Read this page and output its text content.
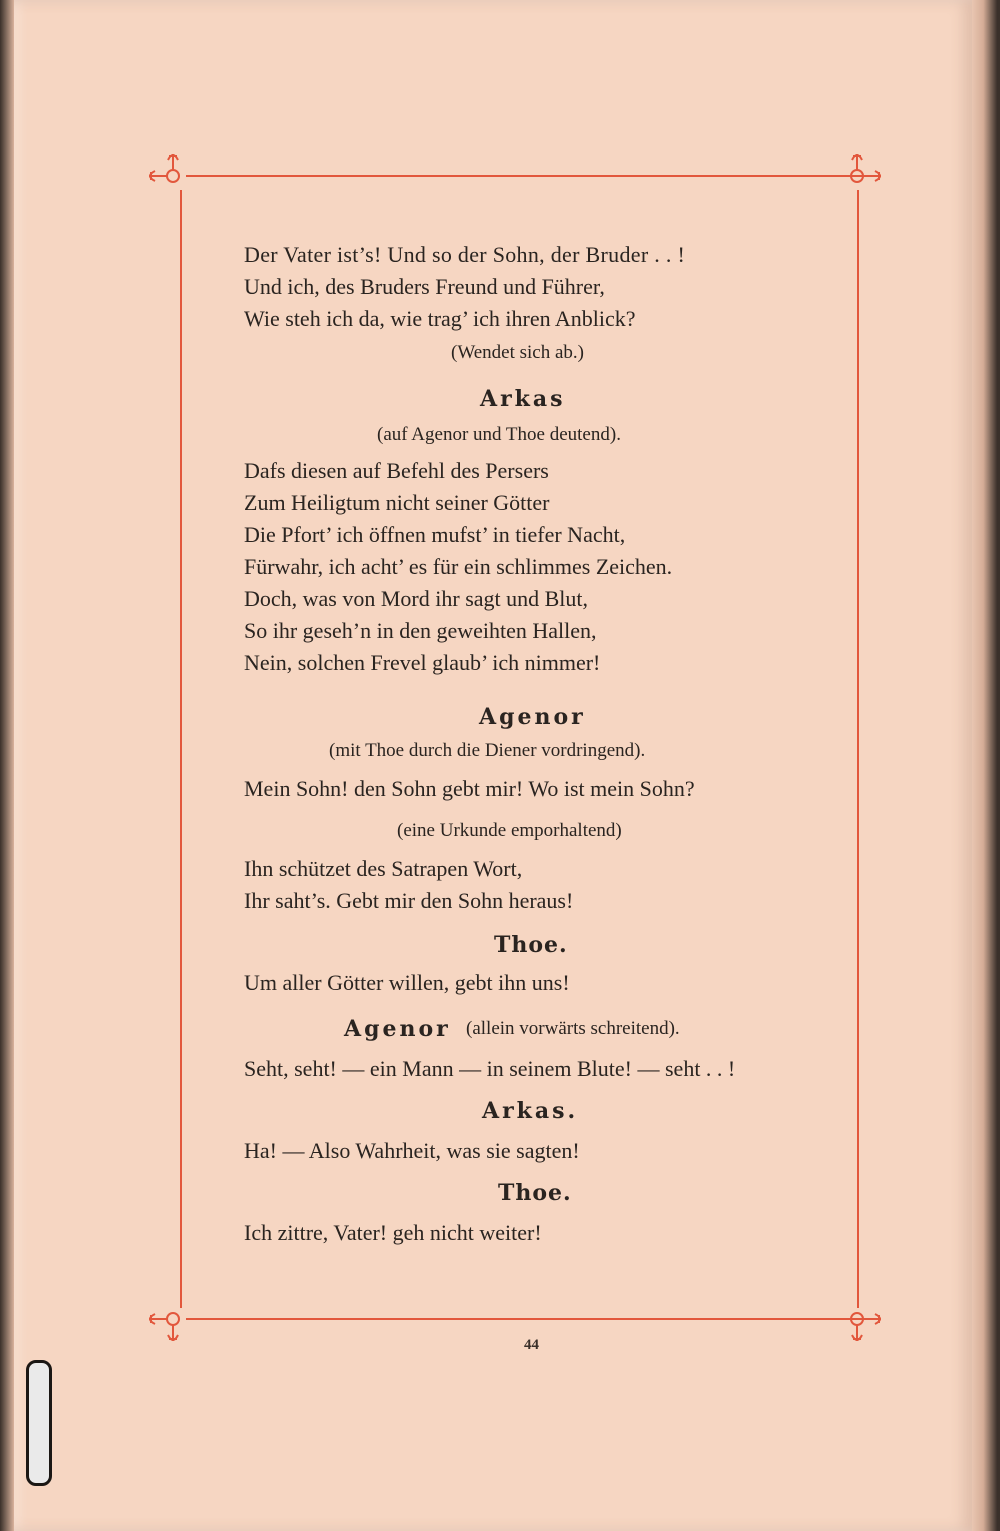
Der Vater ist’s! Und so der Sohn, der Bruder . . !
Und ich, des Bruders Freund und Führer,
Wie steh ich da, wie trag’ ich ihren Anblick?
(Wendet sich ab.)
Arkas
(auf Agenor und Thoe deutend).
Dafs diesen auf Befehl des Persers
Zum Heiligtum nicht seiner Götter
Die Pfort’ ich öffnen mufst’ in tiefer Nacht,
Fürwahr, ich acht’ es für ein schlimmes Zeichen.
Doch, was von Mord ihr sagt und Blut,
So ihr geseh’n in den geweihten Hallen,
Nein, solchen Frevel glaub’ ich nimmer!
Agenor
(mit Thoe durch die Diener vordringend).
Mein Sohn! den Sohn gebt mir! Wo ist mein Sohn?
(eine Urkunde emporhaltend)
Ihn schützet des Satrapen Wort,
Ihr saht’s. Gebt mir den Sohn heraus!
Thoe.
Um aller Götter willen, gebt ihn uns!
Agenor (allein vorwärts schreitend).
Seht, seht! — ein Mann — in seinem Blute! — seht . . !
Arkas.
Ha! — Also Wahrheit, was sie sagten!
Thoe.
Ich zittre, Vater! geh nicht weiter!
44
